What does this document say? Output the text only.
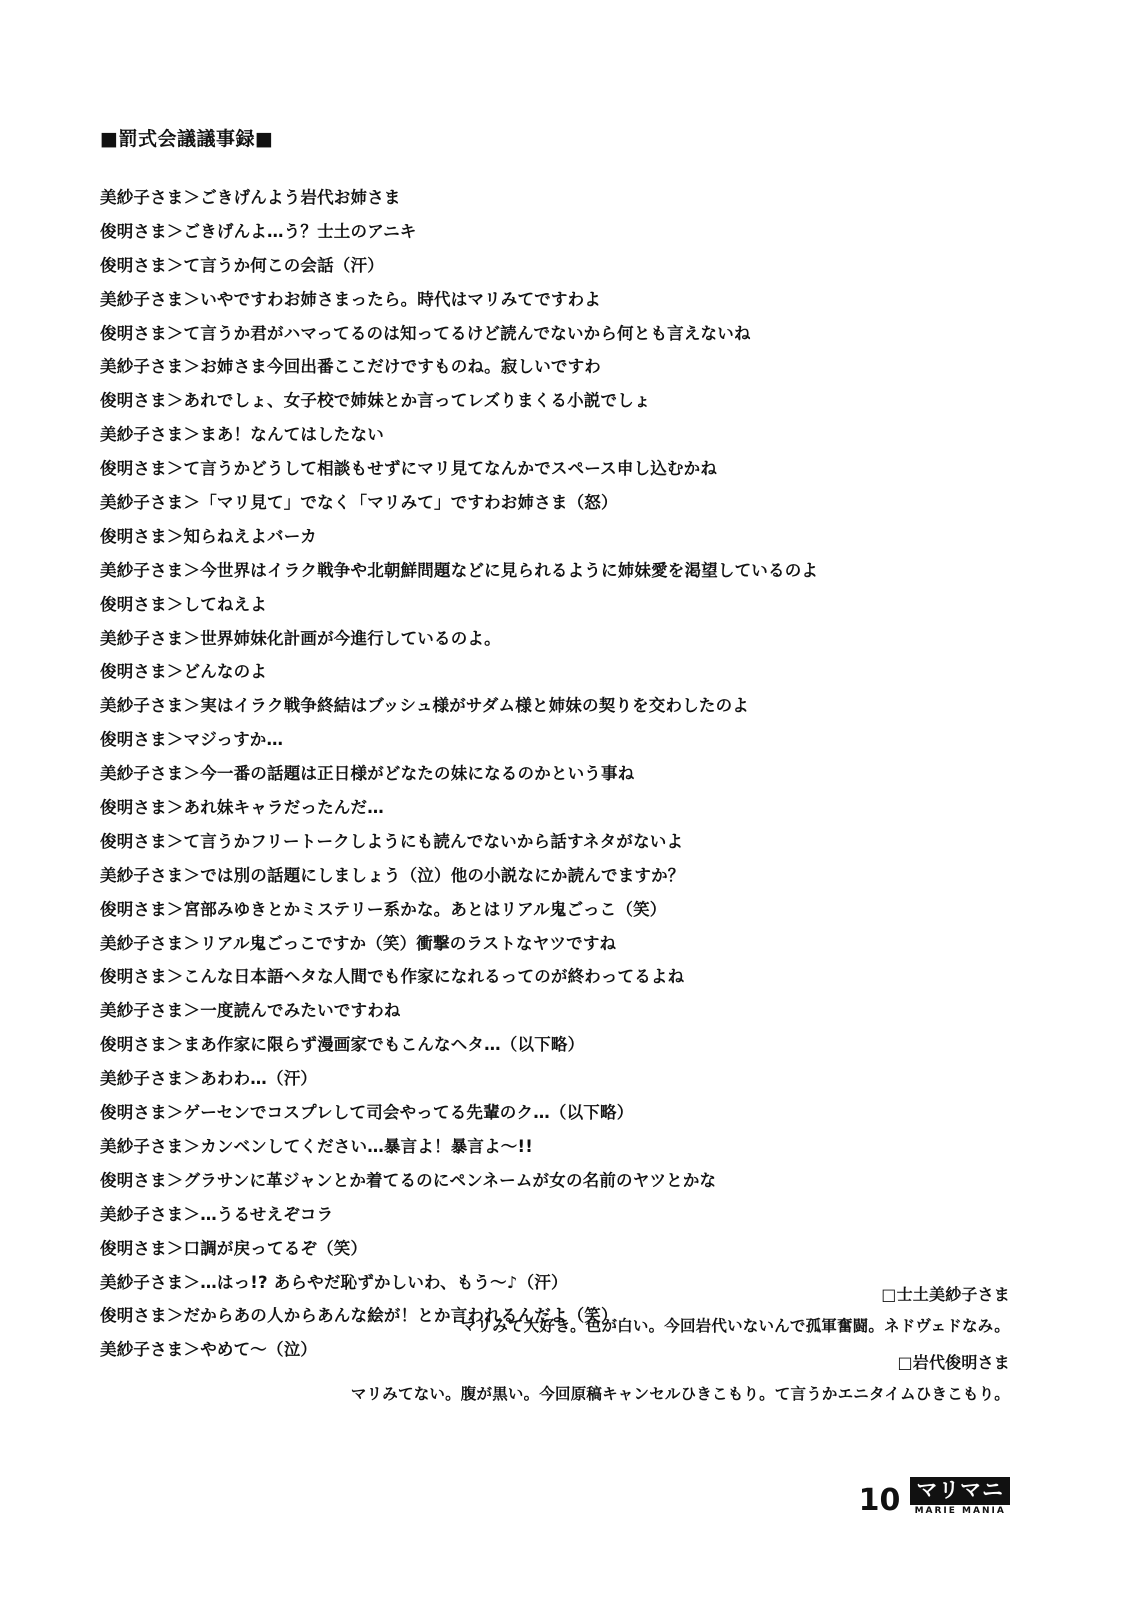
■罰式会議議事録■
美紗子さま＞ごきげんよう岩代お姉さま
俊明さま＞ごきげんよ…う？士土のアニキ
俊明さま＞て言うか何この会話（汗）
美紗子さま＞いやですわお姉さまったら。時代はマリみてですわよ
俊明さま＞て言うか君がハマってるのは知ってるけど読んでないから何とも言えないね
美紗子さま＞お姉さま今回出番ここだけですものね。寂しいですわ
俊明さま＞あれでしょ、女子校で姉妹とか言ってレズりまくる小説でしょ
美紗子さま＞まあ！なんてはしたない
俊明さま＞て言うかどうして相談もせずにマリ見てなんかでスペース申し込むかね
美紗子さま＞「マリ見て」でなく「マリみて」ですわお姉さま（怒）
俊明さま＞知らねえよバーカ
美紗子さま＞今世界はイラク戦争や北朝鮮問題などに見られるように姉妹愛を渇望しているのよ
俊明さま＞してねえよ
美紗子さま＞世界姉妹化計画が今進行しているのよ。
俊明さま＞どんなのよ
美紗子さま＞実はイラク戦争終結はブッシュ様がサダム様と姉妹の契りを交わしたのよ
俊明さま＞マジっすか…
美紗子さま＞今一番の話題は正日様がどなたの妹になるのかという事ね
俊明さま＞あれ妹キャラだったんだ…
俊明さま＞て言うかフリートークしようにも読んでないから話すネタがないよ
美紗子さま＞では別の話題にしましょう（泣）他の小説なにか読んでますか？
俊明さま＞宮部みゆきとかミステリー系かな。あとはリアル鬼ごっこ（笑）
美紗子さま＞リアル鬼ごっこですか（笑）衝撃のラストなヤツですね
俊明さま＞こんな日本語ヘタな人間でも作家になれるってのが終わってるよね
美紗子さま＞一度読んでみたいですわね
俊明さま＞まあ作家に限らず漫画家でもこんなヘタ…（以下略）
美紗子さま＞あわわ…（汗）
俊明さま＞ゲーセンでコスプレして司会やってる先輩のク…（以下略）
美紗子さま＞カンベンしてください…暴言よ！暴言よ〜!!
俊明さま＞グラサンに革ジャンとか着てるのにペンネームが女の名前のヤツとかな
美紗子さま＞…うるせえぞコラ
俊明さま＞口調が戻ってるぞ（笑）
美紗子さま＞…はっ!? あらやだ恥ずかしいわ、もう〜♪（汗）
俊明さま＞だからあの人からあんな絵が！とか言われるんだよ（笑）
美紗子さま＞やめて〜（泣）
□士土美紗子さま
マリみて大好き。色が白い。今回岩代いないんで孤軍奮闘。ネドヴェドなみ。
□岩代俊明さま
マリみてない。腹が黒い。今回原稿キャンセルひきこもり。て言うかエニタイムひきこもり。
10 マリマニ
MARIE MANIA
